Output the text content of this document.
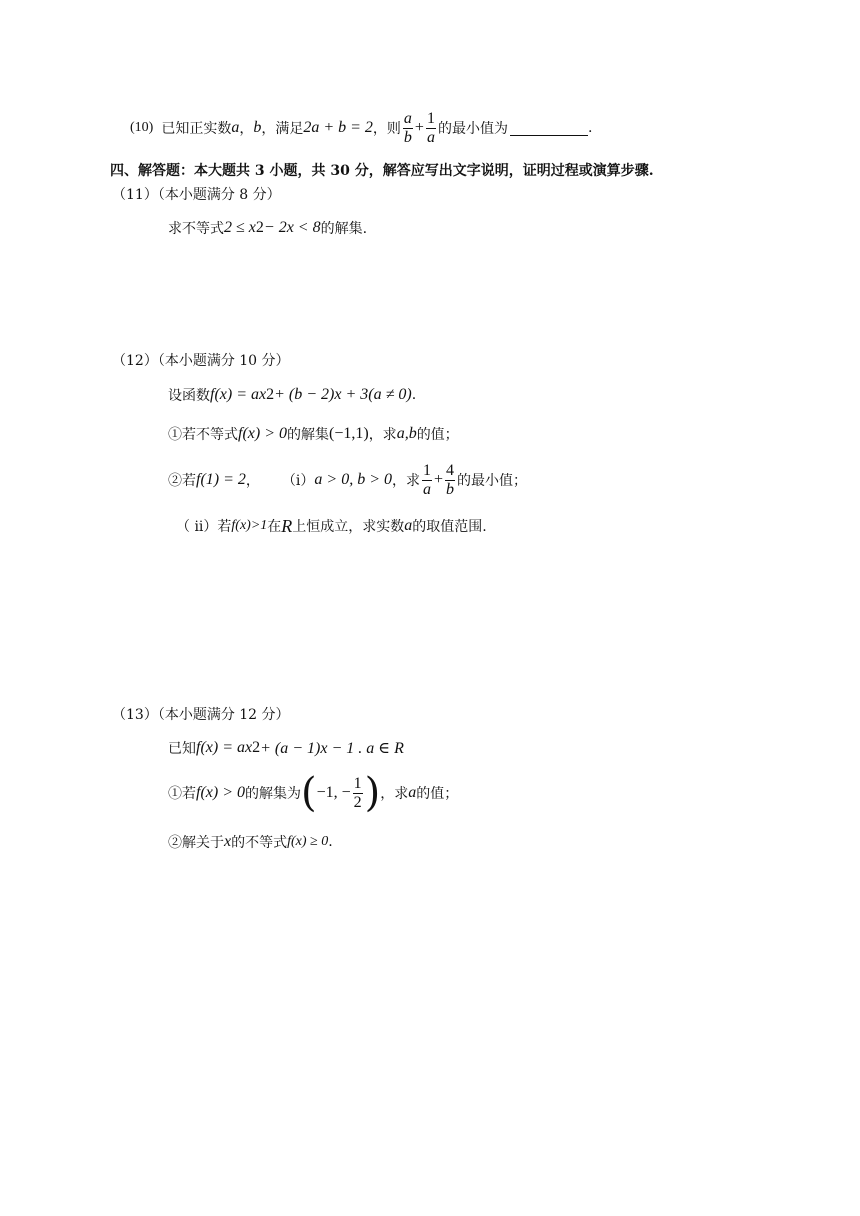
(10) 已知正实数 a ， b ，满足 2a + b = 2 ，则 $\frac{a}{b} + \frac{1}{a}$ 的最小值为	.
四、解答题：本大题共 3 小题，共 30 分，解答应写出文字说明，证明过程或演算步骤.
（11）（本小题满分 8 分）
求不等式 2 ≤ x 2 − 2x < 8 的解集.
（12）（本小题满分 10 分）
设函数 f(x) = ax 2 + (b − 2)x + 3(a ≠ 0) .
①若不等式 f(x) > 0 的解集 (−1,1) ，求 a,b 的值；
②若 f(1) = 2 ， （i） a > 0, b > 0 ，求 $\frac{1}{a} + \frac{4}{b}$ 的最小值；
（ ii）若 f(x)>1 在 R 上恒成立，求实数 a 的取值范围.
（13）（本小题满分 12 分）
已知 f(x) = ax 2 + (a − 1)x − 1 . a ∈ R
①若 f(x) > 0 的解集为 ( −1, − $\frac{1}{2}$ ) ，求 a 的值；
②解关于 x 的不等式 f(x) ≥ 0 .
